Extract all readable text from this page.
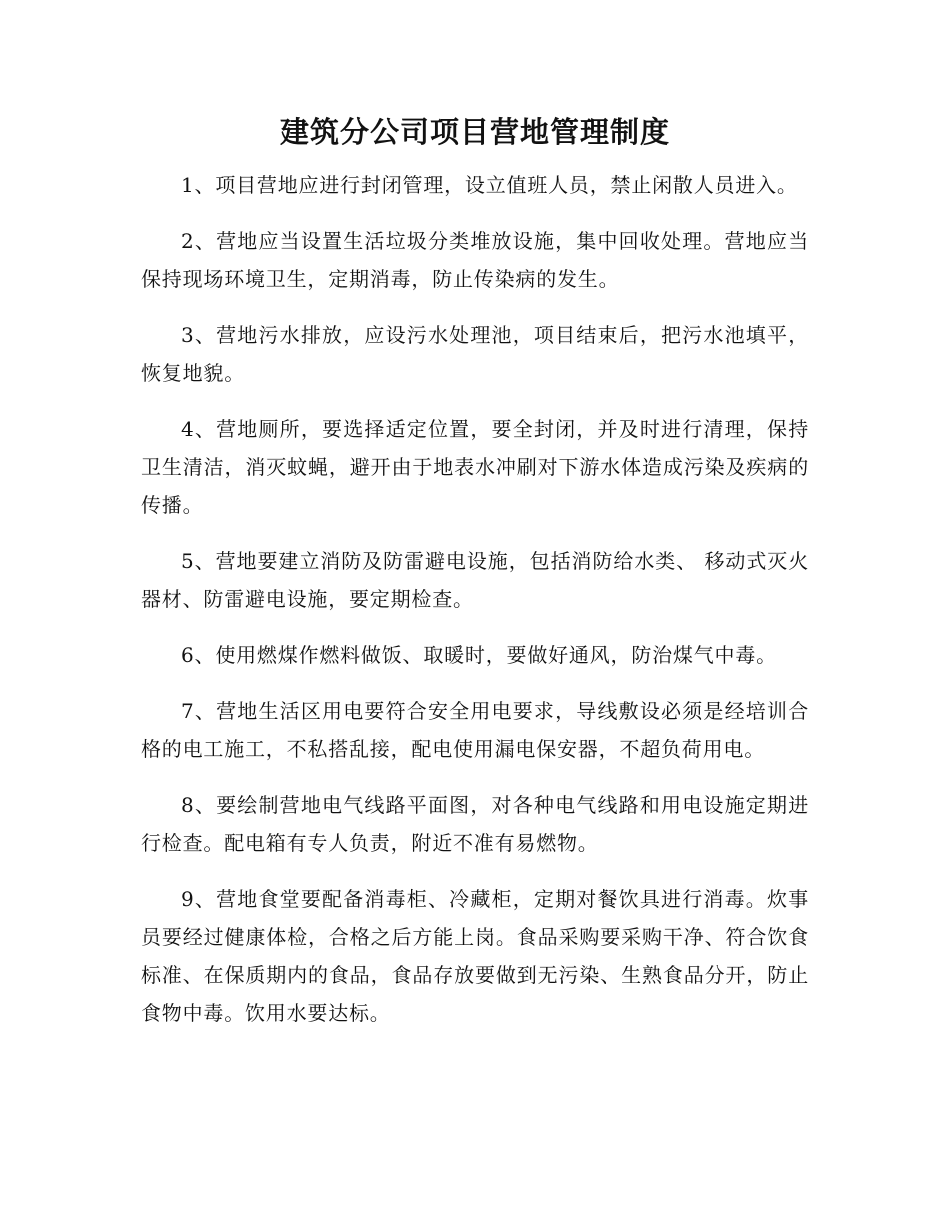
建筑分公司项目营地管理制度

1、项目营地应进行封闭管理，设立值班人员，禁止闲散人员进入。

2、营地应当设置生活垃圾分类堆放设施，集中回收处理。营地应当保持现场环境卫生，定期消毒，防止传染病的发生。

3、营地污水排放，应设污水处理池，项目结束后，把污水池填平，恢复地貌。

4、营地厕所，要选择适定位置，要全封闭，并及时进行清理，保持卫生清洁，消灭蚊蝇，避开由于地表水冲刷对下游水体造成污染及疾病的传播。

5、营地要建立消防及防雷避电设施，包括消防给水类、 移动式灭火器材、防雷避电设施，要定期检查。

6、使用燃煤作燃料做饭、取暖时，要做好通风，防治煤气中毒。

7、营地生活区用电要符合安全用电要求，导线敷设必须是经培训合格的电工施工，不私搭乱接，配电使用漏电保安器，不超负荷用电。

8、要绘制营地电气线路平面图，对各种电气线路和用电设施定期进行检查。配电箱有专人负责，附近不准有易燃物。

9、营地食堂要配备消毒柜、冷藏柜，定期对餐饮具进行消毒。炊事员要经过健康体检，合格之后方能上岗。食品采购要采购干净、符合饮食标准、在保质期内的食品，食品存放要做到无污染、生熟食品分开，防止食物中毒。饮用水要达标。
